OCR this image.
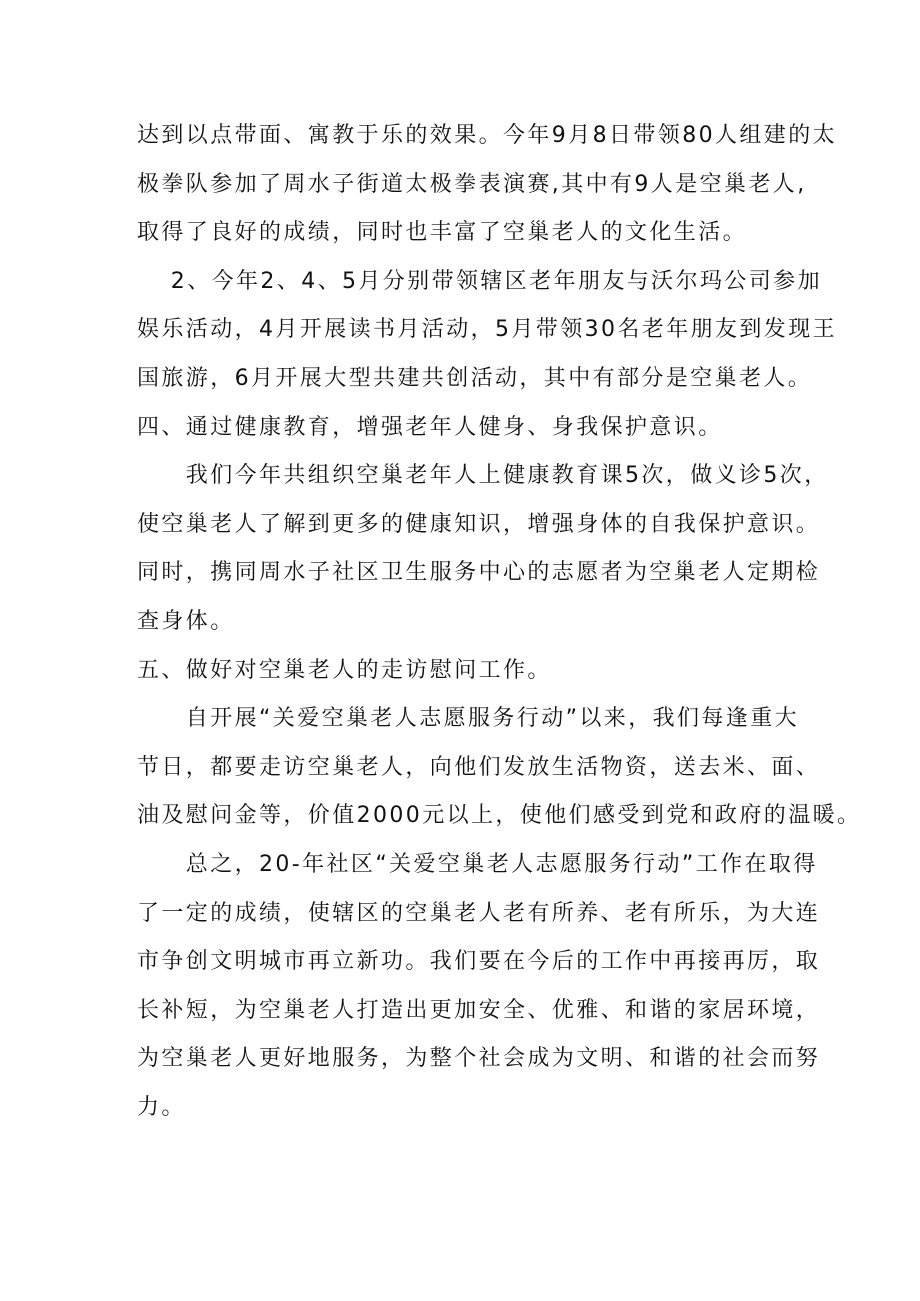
达到以点带面、寓教于乐的效果。今年9月8日带领80人组建的太
极拳队参加了周水子街道太极拳表演赛,其中有9人是空巢老人,
取得了良好的成绩，同时也丰富了空巢老人的文化生活。
　 2、今年2、4、5月分别带领辖区老年朋友与沃尔玛公司参加
娱乐活动，4月开展读书月活动，5月带领30名老年朋友到发现王
国旅游，6月开展大型共建共创活动，其中有部分是空巢老人。
四、通过健康教育，增强老年人健身、身我保护意识。
　　我们今年共组织空巢老年人上健康教育课5次，做义诊5次，
使空巢老人了解到更多的健康知识，增强身体的自我保护意识。
同时，携同周水子社区卫生服务中心的志愿者为空巢老人定期检
查身体。
五、做好对空巢老人的走访慰问工作。
　　自开展“关爱空巢老人志愿服务行动”以来，我们每逢重大
节日，都要走访空巢老人，向他们发放生活物资，送去米、面、
油及慰问金等，价值2000元以上，使他们感受到党和政府的温暖。
　　总之，20-年社区“关爱空巢老人志愿服务行动”工作在取得
了一定的成绩，使辖区的空巢老人老有所养、老有所乐，为大连
市争创文明城市再立新功。我们要在今后的工作中再接再厉，取
长补短，为空巢老人打造出更加安全、优雅、和谐的家居环境，
为空巢老人更好地服务，为整个社会成为文明、和谐的社会而努
力。
